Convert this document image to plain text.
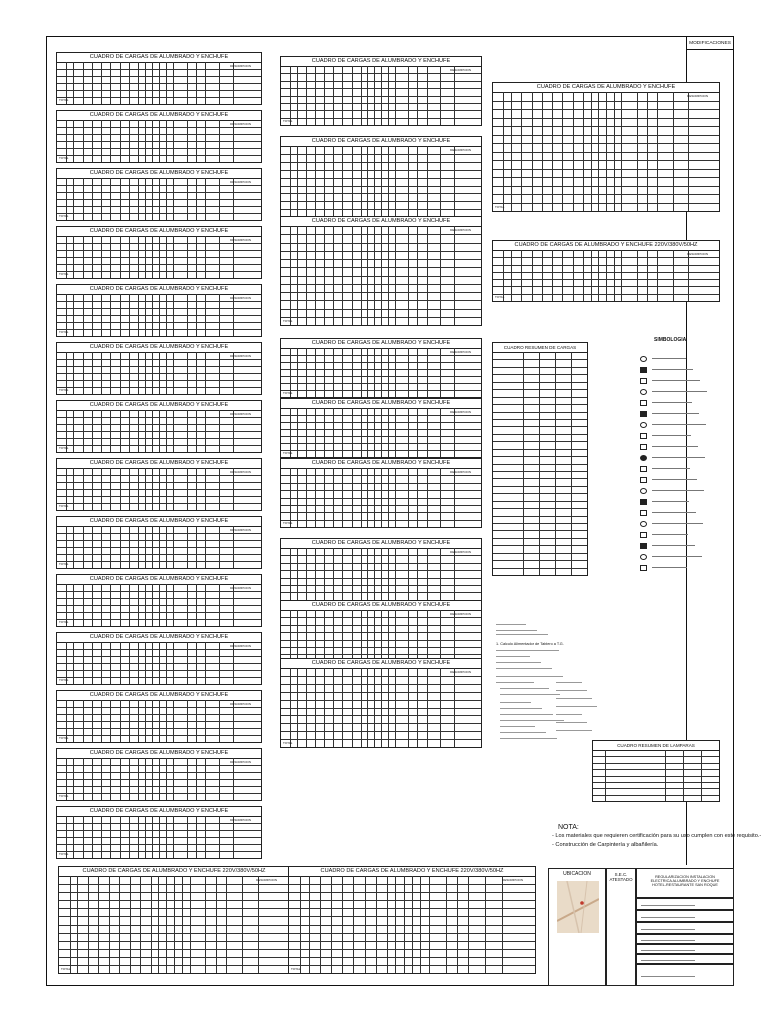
MODIFICACIONES
CUADRO DE CARGAS DE ALUMBRADO Y ENCHUFE
DESCRIPCION
TOTAL
CUADRO DE CARGAS DE ALUMBRADO Y ENCHUFE
DESCRIPCION
TOTAL
CUADRO DE CARGAS DE ALUMBRADO Y ENCHUFE
DESCRIPCION
TOTAL
CUADRO DE CARGAS DE ALUMBRADO Y ENCHUFE
DESCRIPCION
TOTAL
CUADRO DE CARGAS DE ALUMBRADO Y ENCHUFE
DESCRIPCION
TOTAL
CUADRO DE CARGAS DE ALUMBRADO Y ENCHUFE
DESCRIPCION
TOTAL
CUADRO DE CARGAS DE ALUMBRADO Y ENCHUFE
DESCRIPCION
TOTAL
CUADRO DE CARGAS DE ALUMBRADO Y ENCHUFE
DESCRIPCION
TOTAL
CUADRO DE CARGAS DE ALUMBRADO Y ENCHUFE
DESCRIPCION
TOTAL
CUADRO DE CARGAS DE ALUMBRADO Y ENCHUFE
DESCRIPCION
TOTAL
CUADRO DE CARGAS DE ALUMBRADO Y ENCHUFE
DESCRIPCION
TOTAL
CUADRO DE CARGAS DE ALUMBRADO Y ENCHUFE
DESCRIPCION
TOTAL
CUADRO DE CARGAS DE ALUMBRADO Y ENCHUFE
DESCRIPCION
TOTAL
CUADRO DE CARGAS DE ALUMBRADO Y ENCHUFE
DESCRIPCION
TOTAL
CUADRO DE CARGAS DE ALUMBRADO Y ENCHUFE
DESCRIPCION
TOTAL
CUADRO DE CARGAS DE ALUMBRADO Y ENCHUFE
DESCRIPCION
CUADRO DE CARGAS DE ALUMBRADO Y ENCHUFE
DESCRIPCION
TOTAL
CUADRO DE CARGAS DE ALUMBRADO Y ENCHUFE
DESCRIPCION
TOTAL
CUADRO DE CARGAS DE ALUMBRADO Y ENCHUFE
DESCRIPCION
TOTAL
CUADRO DE CARGAS DE ALUMBRADO Y ENCHUFE
DESCRIPCION
TOTAL
CUADRO DE CARGAS DE ALUMBRADO Y ENCHUFE
DESCRIPCION
CUADRO DE CARGAS DE ALUMBRADO Y ENCHUFE
DESCRIPCION
CUADRO DE CARGAS DE ALUMBRADO Y ENCHUFE
DESCRIPCION
TOTAL
CUADRO DE CARGAS DE ALUMBRADO Y ENCHUFE
DESCRIPCION
TOTAL
CUADRO DE CARGAS DE ALUMBRADO Y ENCHUFE 220V/380V/50HZ
DESCRIPCION
TOTAL
CUADRO DE CARGAS DE ALUMBRADO Y ENCHUFE 220V/380V/50HZ
DESCRIPCION
TOTAL
CUADRO DE CARGAS DE ALUMBRADO Y ENCHUFE 220V/380V/50HZ
DESCRIPCION
TOTAL
CUADRO RESUMEN DE CARGAS
SIMBOLOGIA
1. Calculo Alimentador de Tablero a T.G.
CUADRO RESUMEN DE LAMPARAS
NOTA:
- Los materiales que requieren certificación para su uso cumplen con este requisito.-
- Construcción de Carpintería y albañilería.
UBICACION	S.E.C.
ATESTADO	REGULARIZACION INSTALACION
ELECTRICA ALUMBRADO Y ENCHUFE
HOTEL-RESTAURANTE SAN ROQUE
